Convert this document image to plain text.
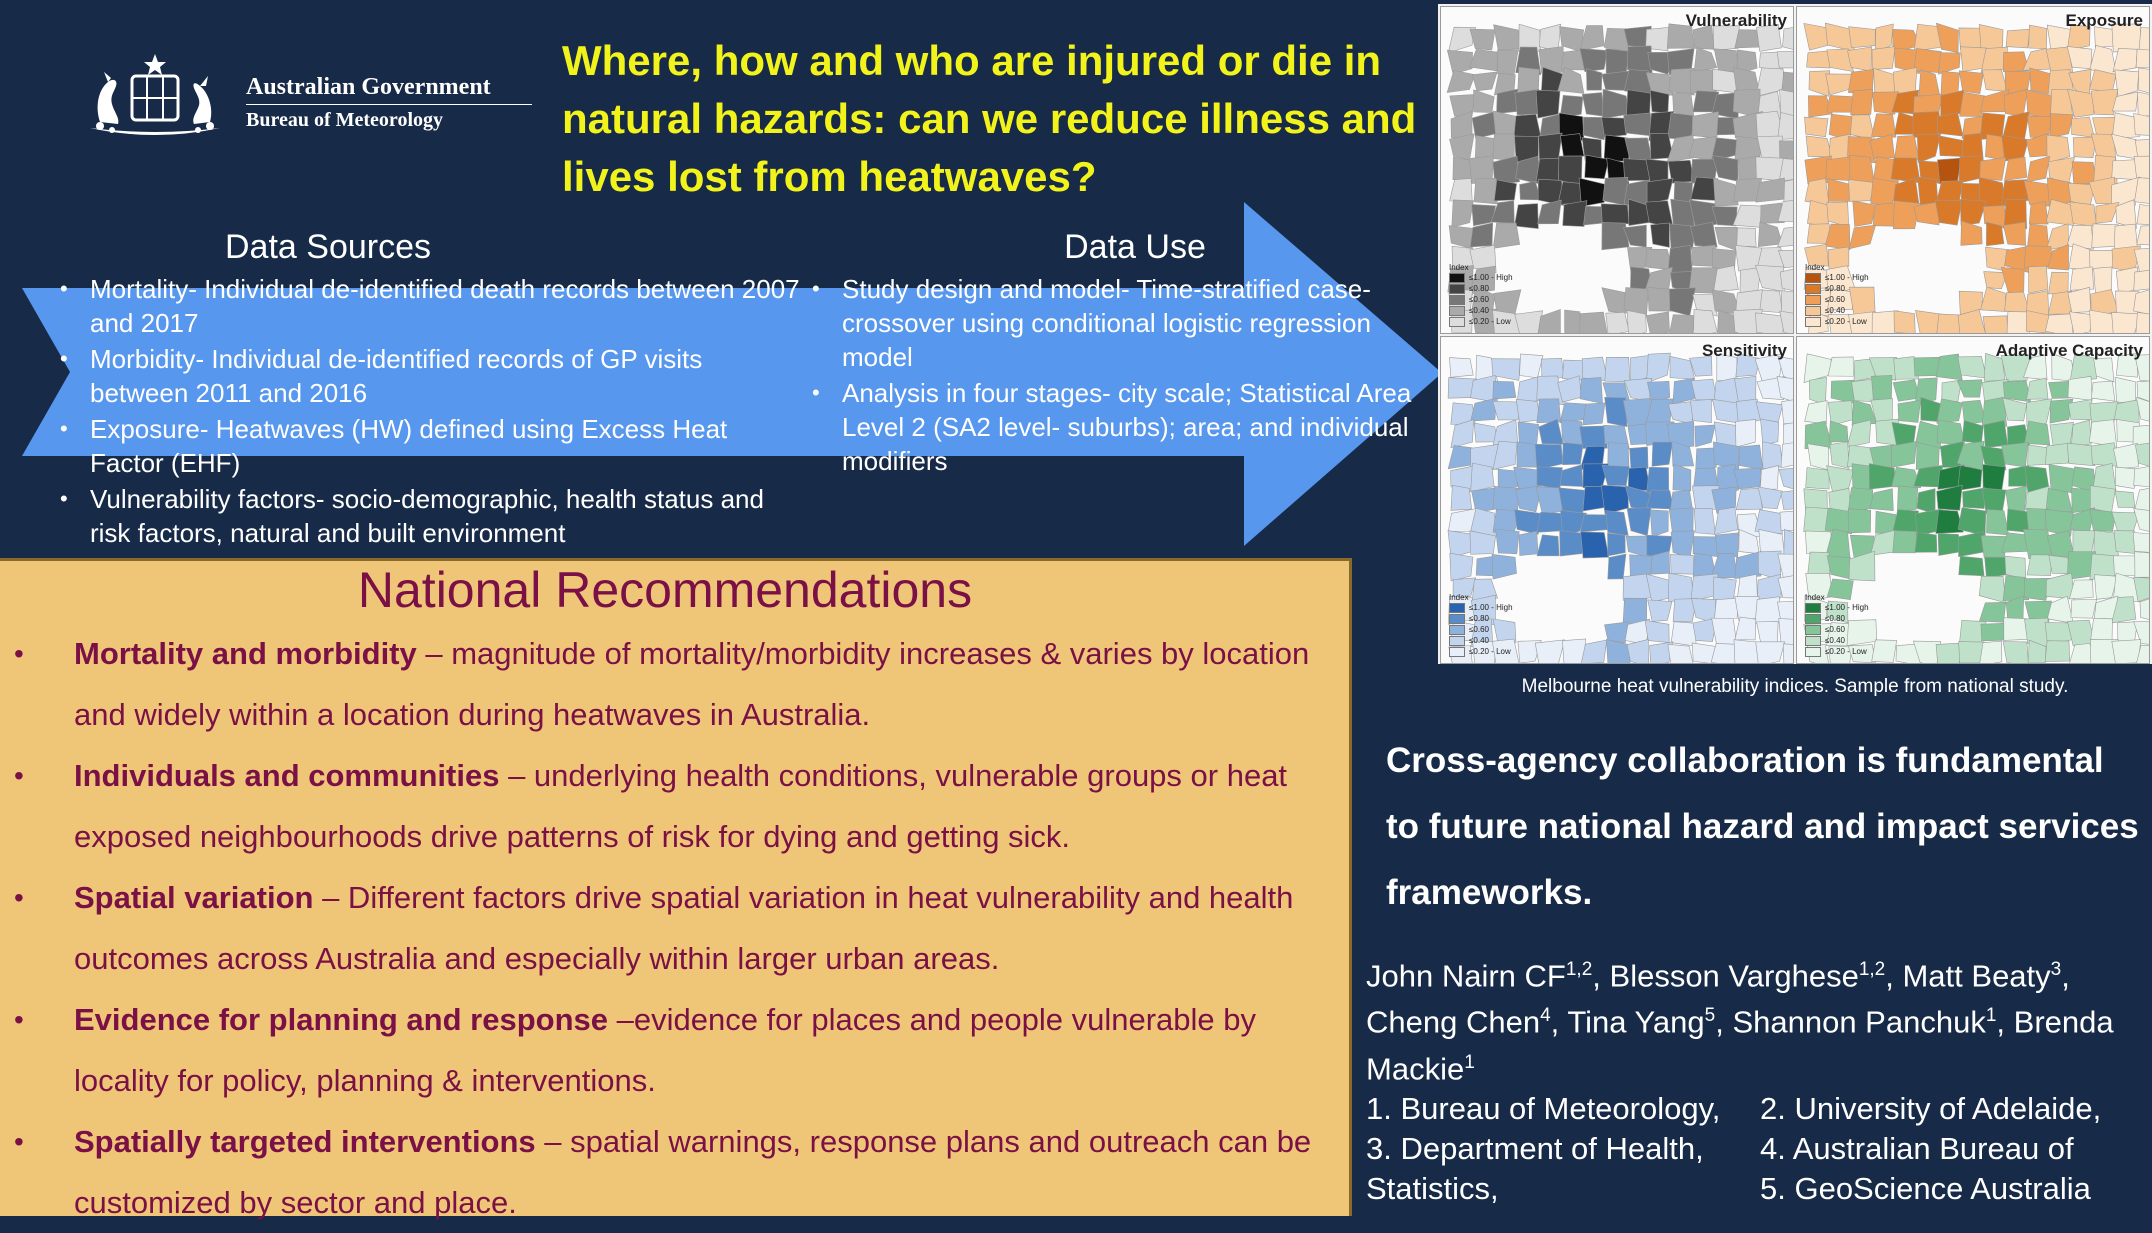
Australian Government
Bureau of Meteorology
Where, how and who are injured or die in natural hazards: can we reduce illness and lives lost from heatwaves?
Data Sources
• Mortality- Individual de-identified death records between 2007 and 2017
• Morbidity- Individual de-identified records of GP visits between 2011 and 2016
• Exposure- Heatwaves (HW) defined using Excess Heat Factor (EHF)
• Vulnerability factors- socio-demographic, health status and risk factors, natural and built environment
Data Use
• Study design and model- Time-stratified case-crossover using conditional logistic regression model
• Analysis in four stages- city scale; Statistical Area Level 2 (SA2 level- suburbs); area; and individual modifiers
National Recommendations
• Mortality and morbidity – magnitude of mortality/morbidity increases & varies by location and widely within a location during heatwaves in Australia.
• Individuals and communities – underlying health conditions, vulnerable groups or heat exposed neighbourhoods drive patterns of risk for dying and getting sick.
• Spatial variation – Different factors drive spatial variation in heat vulnerability and health outcomes across Australia and especially within larger urban areas.
• Evidence for planning and response –evidence for places and people vulnerable by locality for policy, planning & interventions.
• Spatially targeted interventions – spatial warnings, response plans and outreach can be customized by sector and place.
Vulnerability
Index
≤1.00 - High
≤0.80
≤0.60
≤0.40
≤0.20 - Low
Exposure
Index
≤1.00 - High
≤0.80
≤0.60
≤0.40
≤0.20 - Low
Sensitivity
Index
≤1.00 - High
≤0.80
≤0.60
≤0.40
≤0.20 - Low
Adaptive Capacity
Index
≤1.00 - High
≤0.80
≤0.60
≤0.40
≤0.20 - Low
Melbourne heat vulnerability indices. Sample from national study.
Cross-agency collaboration is fundamental to future national hazard and impact services frameworks.
John Nairn CF$^{1,2}$, Blesson Varghese$^{1,2}$, Matt Beaty$^3$, Cheng Chen$^4$, Tina Yang$^5$, Shannon Panchuk$^1$, Brenda Mackie$^1$
1. Bureau of Meteorology,	2. University of Adelaide,
3. Department of Health,	4. Australian Bureau of
Statistics,	5. GeoScience Australia
